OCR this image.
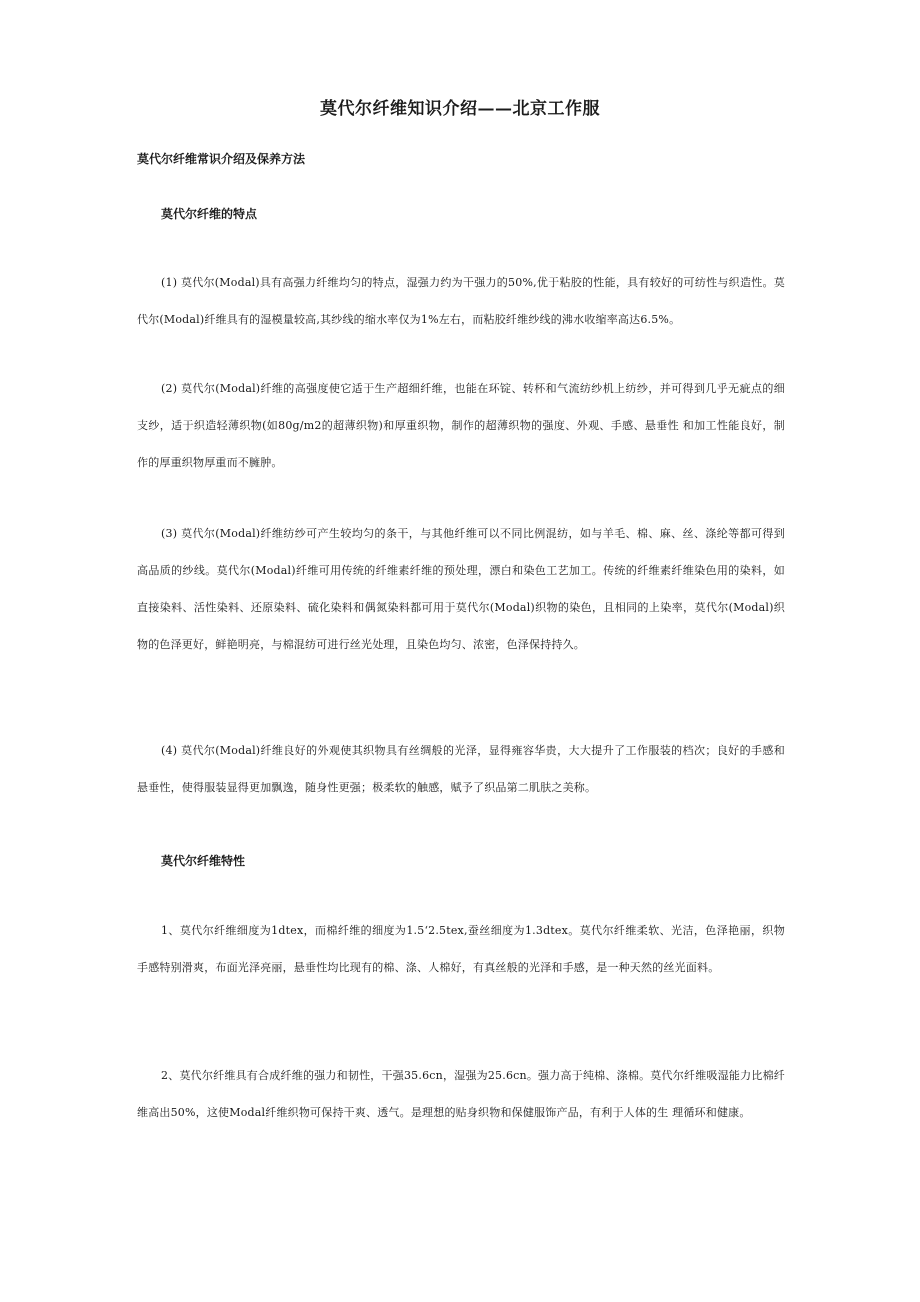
莫代尔纤维知识介绍——北京工作服
莫代尔纤维常识介绍及保养方法
莫代尔纤维的特点

(1) 莫代尔(Modal)具有高强力纤维均匀的特点，湿强力约为干强力的50%,优于粘胶的性能，具有较好的可纺性与织造性。莫代尔(Modal)纤维具有的湿模量较高,其纱线的缩水率仅为1%左右，而粘胶纤维纱线的沸水收缩率高达6.5%。

(2) 莫代尔(Modal)纤维的高强度使它适于生产超细纤维，也能在环锭、转杯和气流纺纱机上纺纱，并可得到几乎无疵点的细支纱，适于织造轻薄织物(如80g/m2的超薄织物)和厚重织物，制作的超薄织物的强度、外观、手感、悬垂性 和加工性能良好，制作的厚重织物厚重而不臃肿。

(3) 莫代尔(Modal)纤维纺纱可产生较均匀的条干，与其他纤维可以不同比例混纺，如与羊毛、棉、麻、丝、涤纶等都可得到高品质的纱线。莫代尔(Modal)纤维可用传统的纤维素纤维的预处理，漂白和染色工艺加工。传统的纤维素纤维染色用的染料，如直接染料、活性染料、还原染料、硫化染料和偶氮染料都可用于莫代尔(Modal)织物的染色，且相同的上染率，莫代尔(Modal)织物的色泽更好，鲜艳明亮，与棉混纺可进行丝光处理，且染色均匀、浓密，色泽保持持久。

(4) 莫代尔(Modal)纤维良好的外观使其织物具有丝绸般的光泽，显得雍容华贵，大大提升了工作服装的档次；良好的手感和悬垂性，使得服装显得更加飘逸，随身性更强；极柔软的触感，赋予了织品第二肌肤之美称。

莫代尔纤维特性

1、莫代尔纤维细度为1dtex，而棉纤维的细度为1.5‘2.5tex,蚕丝细度为1.3dtex。莫代尔纤维柔软、光洁，色泽艳丽，织物手感特别滑爽，布面光泽亮丽，悬垂性均比现有的棉、涤、人棉好，有真丝般的光泽和手感，是一种天然的丝光面料。

2、莫代尔纤维具有合成纤维的强力和韧性，干强35.6cn，湿强为25.6cn。强力高于纯棉、涤棉。莫代尔纤维吸湿能力比棉纤维高出50%，这使Modal纤维织物可保持干爽、透气。是理想的贴身织物和保健服饰产品，有利于人体的生 理循环和健康。
